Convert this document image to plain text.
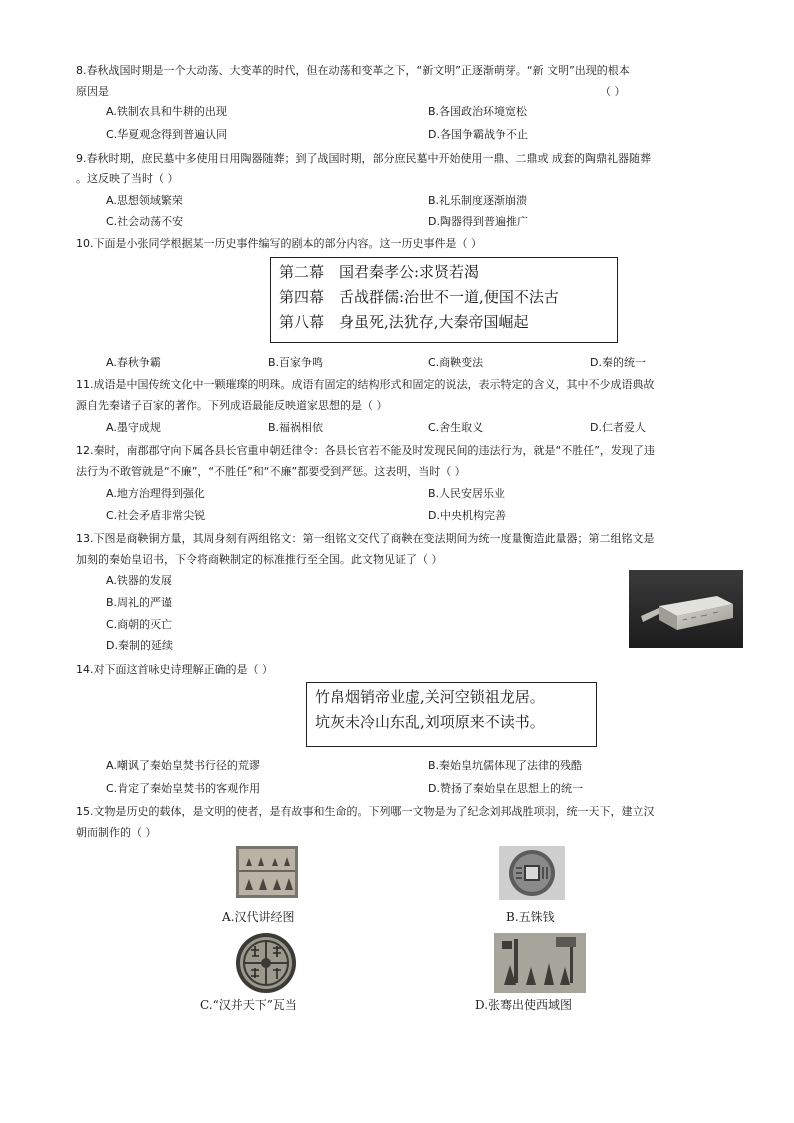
8.春秋战国时期是一个大动荡、大变革的时代，但在动荡和变革之下，“新文明”正逐渐萌芽。“新 文明”出现的根本
原因是	（ ）
A.铁制农具和牛耕的出现	B.各国政治环境宽松
C.华夏观念得到普遍认同	D.各国争霸战争不止
9.春秋时期，庶民墓中多使用日用陶器随葬；到了战国时期，部分庶民墓中开始使用一鼎、二鼎或 成套的陶鼎礼器随葬
。这反映了当时（ ）
A.思想领域繁荣	B.礼乐制度逐渐崩溃
C.社会动荡不安	D.陶器得到普遍推广
10.下面是小张同学根据某一历史事件编写的剧本的部分内容。这一历史事件是（ ）
第二幕　国君秦孝公:求贤若渴
第四幕　舌战群儒:治世不一道,便国不法古
第八幕　身虽死,法犹存,大秦帝国崛起
A.春秋争霸	B.百家争鸣	C.商鞅变法	D.秦的统一
11.成语是中国传统文化中一颗璀璨的明珠。成语有固定的结构形式和固定的说法，表示特定的含义，其中不少成语典故
源自先秦诸子百家的著作。下列成语最能反映道家思想的是（ ）
A.墨守成规	B.福祸相依	C.舍生取义	D.仁者爱人
12.秦时，南郡郡守向下属各县长官重申朝廷律令：各县长官若不能及时发现民间的违法行为，就是“不胜任”，发现了违
法行为不敢管就是“不廉”，“不胜任”和“不廉”都要受到严惩。这表明，当时（ ）
A.地方治理得到强化	B.人民安居乐业
C.社会矛盾非常尖锐	D.中央机构完善
13.下图是商鞅铜方量，其周身刻有两组铭文：第一组铭文交代了商鞅在变法期间为统一度量衡造此量器；第二组铭文是
加刻的秦始皇诏书，下令将商鞅制定的标准推行至全国。此文物见证了（ ）
A.铁器的发展
B.周礼的严谨
C.商朝的灭亡
D.秦制的延续
14.对下面这首咏史诗理解正确的是（ ）
竹帛烟销帝业虚,关河空锁祖龙居。
坑灰未冷山东乱,刘项原来不读书。
A.嘲讽了秦始皇焚书行径的荒谬	B.秦始皇坑儒体现了法律的残酷
C.肯定了秦始皇焚书的客观作用	D.赞扬了秦始皇在思想上的统一
15.文物是历史的载体，是文明的使者，是有故事和生命的。下列哪一文物是为了纪念刘邦战胜项羽，统一天下，建立汉
朝而制作的（ ）
A.汉代讲经图	B.五铢钱
C.“汉并天下”瓦当	D.张骞出使西域图
